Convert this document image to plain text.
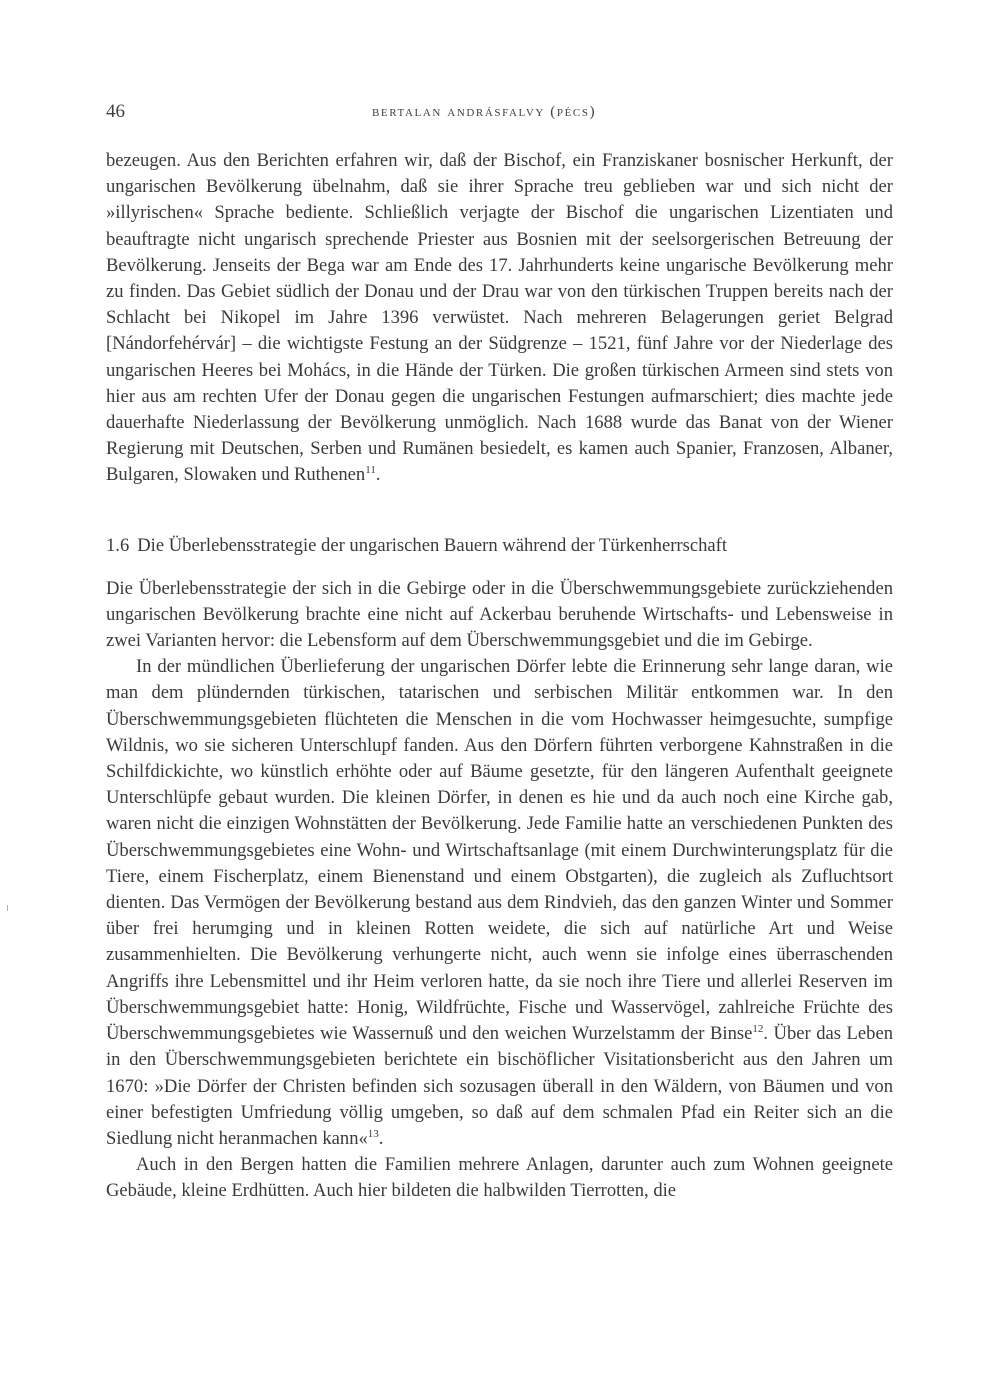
46	bertalan andrásfalvy (pécs)

bezeugen. Aus den Berichten erfahren wir, daß der Bischof, ein Franziskaner bosnischer Herkunft, der ungarischen Bevölkerung übelnahm, daß sie ihrer Sprache treu geblieben war und sich nicht der »illyrischen« Sprache bediente. Schließlich verjagte der Bischof die ungarischen Lizentiaten und beauftragte nicht ungarisch sprechende Priester aus Bosnien mit der seelsorgerischen Betreuung der Bevölkerung. Jenseits der Bega war am Ende des 17. Jahrhunderts keine ungarische Bevölkerung mehr zu finden. Das Gebiet südlich der Donau und der Drau war von den türkischen Truppen bereits nach der Schlacht bei Nikopel im Jahre 1396 verwüstet. Nach mehreren Belagerungen geriet Belgrad [Nándorfehérvár] – die wichtigste Festung an der Südgrenze – 1521, fünf Jahre vor der Niederlage des ungarischen Heeres bei Mohács, in die Hände der Türken. Die großen türkischen Armeen sind stets von hier aus am rechten Ufer der Donau gegen die ungarischen Festungen aufmarschiert; dies machte jede dauerhafte Niederlassung der Bevölkerung unmöglich. Nach 1688 wurde das Banat von der Wiener Regierung mit Deutschen, Serben und Rumänen besiedelt, es kamen auch Spanier, Franzosen, Albaner, Bulgaren, Slowaken und Ruthenen$^{11}$.

1.6 Die Überlebensstrategie der ungarischen Bauern während der Türkenherrschaft

Die Überlebensstrategie der sich in die Gebirge oder in die Überschwemmungsgebiete zurückziehenden ungarischen Bevölkerung brachte eine nicht auf Ackerbau beruhende Wirtschafts- und Lebensweise in zwei Varianten hervor: die Lebensform auf dem Überschwemmungsgebiet und die im Gebirge.

In der mündlichen Überlieferung der ungarischen Dörfer lebte die Erinnerung sehr lange daran, wie man dem plündernden türkischen, tatarischen und serbischen Militär entkommen war. In den Überschwemmungsgebieten flüchteten die Menschen in die vom Hochwasser heimgesuchte, sumpfige Wildnis, wo sie sicheren Unterschlupf fanden. Aus den Dörfern führten verborgene Kahnstraßen in die Schilfdickichte, wo künstlich erhöhte oder auf Bäume gesetzte, für den längeren Aufenthalt geeignete Unterschlüpfe gebaut wurden. Die kleinen Dörfer, in denen es hie und da auch noch eine Kirche gab, waren nicht die einzigen Wohnstätten der Bevölkerung. Jede Familie hatte an verschiedenen Punkten des Überschwemmungsgebietes eine Wohn- und Wirtschaftsanlage (mit einem Durchwinterungsplatz für die Tiere, einem Fischerplatz, einem Bienenstand und einem Obstgarten), die zugleich als Zufluchtsort dienten. Das Vermögen der Bevölkerung bestand aus dem Rindvieh, das den ganzen Winter und Sommer über frei herumging und in kleinen Rotten weidete, die sich auf natürliche Art und Weise zusammenhielten. Die Bevölkerung verhungerte nicht, auch wenn sie infolge eines überraschenden Angriffs ihre Lebensmittel und ihr Heim verloren hatte, da sie noch ihre Tiere und allerlei Reserven im Überschwemmungsgebiet hatte: Honig, Wildfrüchte, Fische und Wasservögel, zahlreiche Früchte des Überschwemmungsgebietes wie Wassernuß und den weichen Wurzelstamm der Binse$^{12}$. Über das Leben in den Überschwemmungsgebieten berichtete ein bischöflicher Visitationsbericht aus den Jahren um 1670: »Die Dörfer der Christen befinden sich sozusagen überall in den Wäldern, von Bäumen und von einer befestigten Umfriedung völlig umgeben, so daß auf dem schmalen Pfad ein Reiter sich an die Siedlung nicht heranmachen kann«$^{13}$.

Auch in den Bergen hatten die Familien mehrere Anlagen, darunter auch zum Wohnen geeignete Gebäude, kleine Erdhütten. Auch hier bildeten die halbwilden Tierrotten, die
